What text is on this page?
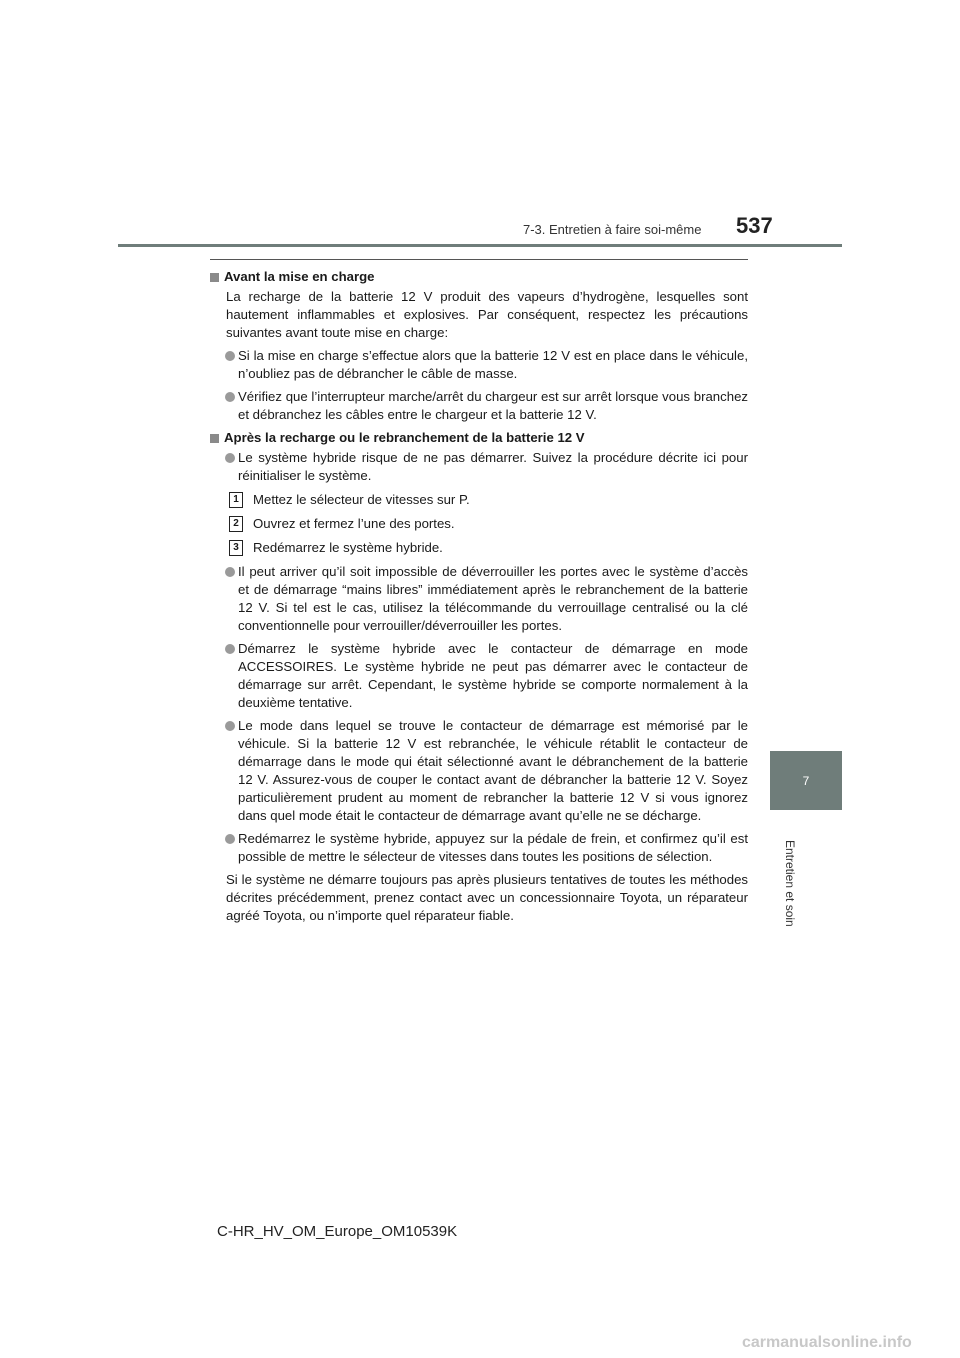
7-3. Entretien à faire soi-même 537
7
Entretien et soin
Avant la mise en charge
La recharge de la batterie 12 V produit des vapeurs d’hydrogène, lesquelles sont hautement inflammables et explosives. Par conséquent, respectez les précautions suivantes avant toute mise en charge:
Si la mise en charge s’effectue alors que la batterie 12 V est en place dans le véhicule, n’oubliez pas de débrancher le câble de masse.
Vérifiez que l’interrupteur marche/arrêt du chargeur est sur arrêt lorsque vous branchez et débranchez les câbles entre le chargeur et la batterie 12 V.
Après la recharge ou le rebranchement de la batterie 12 V
Le système hybride risque de ne pas démarrer. Suivez la procédure décrite ici pour réinitialiser le système.
1	Mettez le sélecteur de vitesses sur P.
2	Ouvrez et fermez l’une des portes.
3	Redémarrez le système hybride.
Il peut arriver qu’il soit impossible de déverrouiller les portes avec le système d’accès et de démarrage “mains libres” immédiatement après le rebranchement de la batterie 12 V. Si tel est le cas, utilisez la télécommande du verrouillage centralisé ou la clé conventionnelle pour verrouiller/déverrouiller les portes.
Démarrez le système hybride avec le contacteur de démarrage en mode ACCESSOIRES. Le système hybride ne peut pas démarrer avec le contacteur de démarrage sur arrêt. Cependant, le système hybride se comporte normalement à la deuxième tentative.
Le mode dans lequel se trouve le contacteur de démarrage est mémorisé par le véhicule. Si la batterie 12 V est rebranchée, le véhicule rétablit le contacteur de démarrage dans le mode qui était sélectionné avant le débranchement de la batterie 12 V. Assurez-vous de couper le contact avant de débrancher la batterie 12 V. Soyez particulièrement prudent au moment de rebrancher la batterie 12 V si vous ignorez dans quel mode était le contacteur de démarrage avant qu’elle ne se décharge.
Redémarrez le système hybride, appuyez sur la pédale de frein, et confirmez qu’il est possible de mettre le sélecteur de vitesses dans toutes les positions de sélection.
Si le système ne démarre toujours pas après plusieurs tentatives de toutes les méthodes décrites précédemment, prenez contact avec un concessionnaire Toyota, un réparateur agréé Toyota, ou n’importe quel réparateur fiable.
C-HR_HV_OM_Europe_OM10539K
carmanualsonline.info
